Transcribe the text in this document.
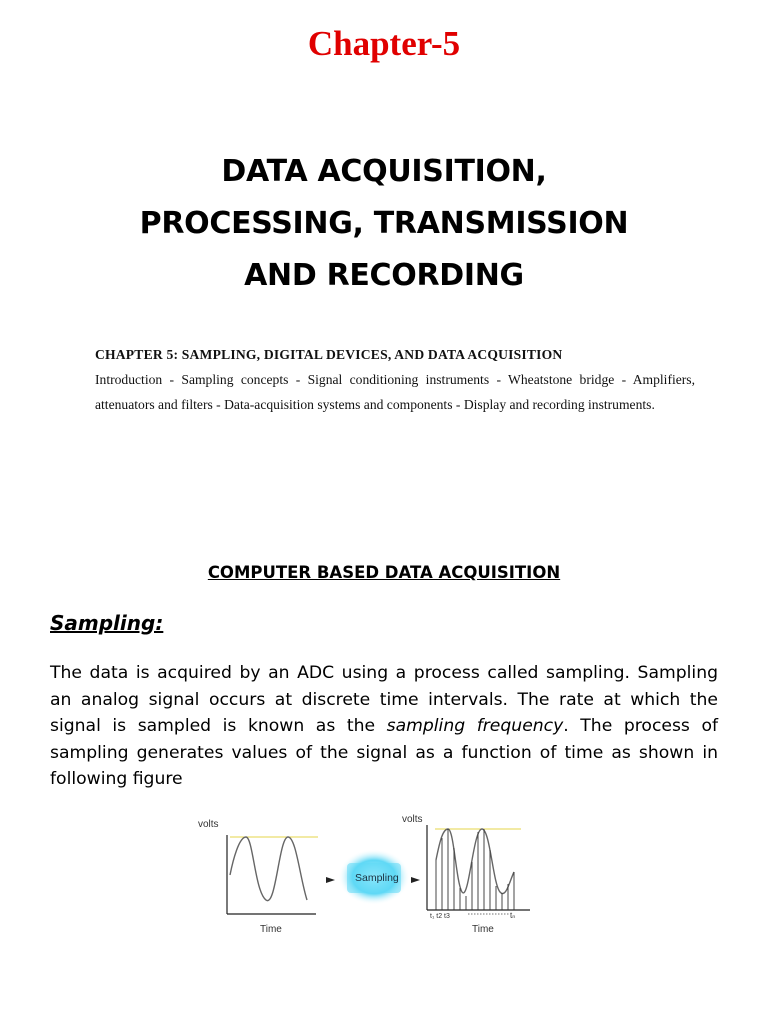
Chapter-5
DATA ACQUISITION,
PROCESSING, TRANSMISSION
AND RECORDING
CHAPTER 5: SAMPLING, DIGITAL DEVICES, AND DATA ACQUISITION

Introduction - Sampling concepts - Signal conditioning instruments - Wheatstone bridge - Amplifiers, attenuators and filters - Data-acquisition systems and components - Display and recording instruments.

COMPUTER BASED DATA ACQUISITION
Sampling:
The data is acquired by an ADC using a process called sampling. Sampling an analog signal occurs at discrete time intervals. The rate at which the signal is sampled is known as the sampling frequency. The process of sampling generates values of the signal as a function of time as shown in following figure
volts
Time
Sampling
volts
t₁ t2 t3	tₙ
Time
